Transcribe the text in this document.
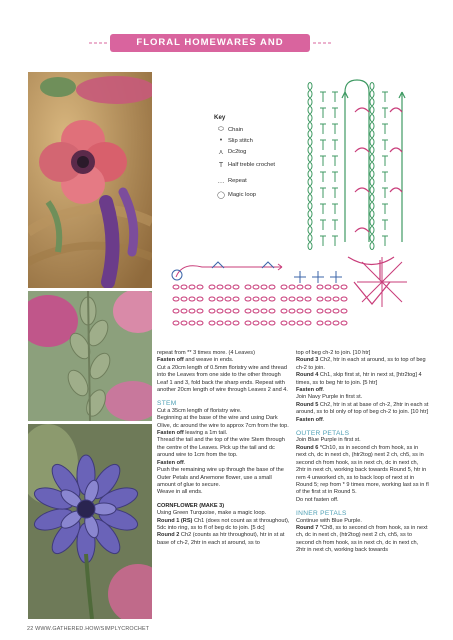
FLORAL HOMEWARES AND ACCESSORIES
Key
⬭ Chain
• Slip stitch
⋏ Dc2tog
T Half treble crochet
… Repeat
◯ Magic loop

repeat from ** 3 times more. (4 Leaves)

Fasten off and weave in ends.

Cut a 20cm length of 0.5mm floristry wire and thread into the Leaves from one side to the other through Leaf 1 and 3, fold back the sharp ends. Repeat with another 20cm length of wire through Leaves 2 and 4.

STEM

Cut a 35cm length of floristry wire.

Beginning at the base of the wire and using Dark Olive, dc around the wire to approx 7cm from the top.

Fasten off leaving a 1m tail.

Thread the tail and the top of the wire Stem through the centre of the Leaves. Pick up the tail and dc around wire to 1cm from the top.

Fasten off.

Push the remaining wire up through the base of the Outer Petals and Anemone flower, use a small amount of glue to secure.

Weave in all ends.

CORNFLOWER (MAKE 3)

Using Green Turquoise, make a magic loop.

Round 1 (RS) Ch1 (does not count as st throughout), 5dc into ring, ss to fl of beg dc to join. [5 dc]

Round 2 Ch2 (counts as htr throughout), htr in st at base of ch-2, 2htr in each st around, ss to

top of beg ch-2 to join. [10 htr]

Round 3 Ch2, htr in each st around, ss to top of beg ch-2 to join.

Round 4 Ch1, skip first st, htr in next st, [htr2tog] 4 times, ss to beg htr to join. [5 htr]

Fasten off.

Join Navy Purple in first st.

Round 5 Ch2, htr in st at base of ch-2, 2htr in each st around, ss to bl only of top of beg ch-2 to join. [10 htr]

Fasten off.

OUTER PETALS

Join Blue Purple in first st.

Round 6 *Ch10, ss in second ch from hook, ss in next ch, dc in next ch, (htr2tog) next 2 ch, ch5, ss in second ch from hook, ss in next ch, dc in next ch, 2htr in next ch, working back towards Round 5, htr in rem 4 unworked ch, ss to back loop of next st in Round 5; rep from * 9 times more, working last ss in fl of the first st in Round 5.

Do not fasten off.

INNER PETALS

Continue with Blue Purple.

Round 7 *Ch8, ss to second ch from hook, ss in next ch, dc in next ch, (htr2tog) next 2 ch, ch5, ss to second ch from hook, ss in next ch, dc in next ch, 2htr in next ch, working back towards

22 WWW.GATHERED.HOW/SIMPLYCROCHET
